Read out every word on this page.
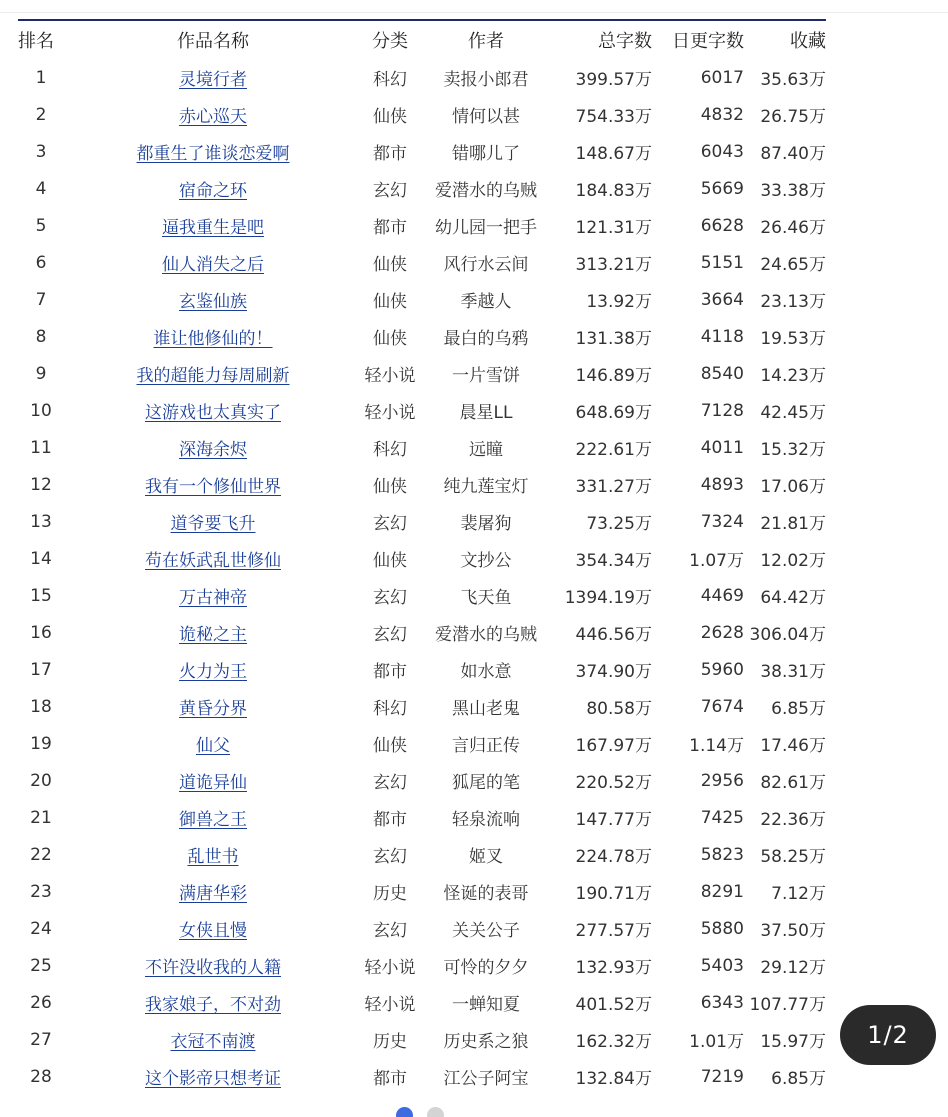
排名	作品名称	分类	作者	总字数	日更字数	收藏
1	灵境行者	科幻	卖报小郎君	399.57万	6017	35.63万
2	赤心巡天	仙侠	情何以甚	754.33万	4832	26.75万
3	都重生了谁谈恋爱啊	都市	错哪儿了	148.67万	6043	87.40万
4	宿命之环	玄幻	爱潜水的乌贼	184.83万	5669	33.38万
5	逼我重生是吧	都市	幼儿园一把手	121.31万	6628	26.46万
6	仙人消失之后	仙侠	风行水云间	313.21万	5151	24.65万
7	玄鉴仙族	仙侠	季越人	13.92万	3664	23.13万
8	谁让他修仙的！	仙侠	最白的乌鸦	131.38万	4118	19.53万
9	我的超能力每周刷新	轻小说	一片雪饼	146.89万	8540	14.23万
10	这游戏也太真实了	轻小说	晨星LL	648.69万	7128	42.45万
11	深海余烬	科幻	远瞳	222.61万	4011	15.32万
12	我有一个修仙世界	仙侠	纯九莲宝灯	331.27万	4893	17.06万
13	道爷要飞升	玄幻	裴屠狗	73.25万	7324	21.81万
14	苟在妖武乱世修仙	仙侠	文抄公	354.34万	1.07万	12.02万
15	万古神帝	玄幻	飞天鱼	1394.19万	4469	64.42万
16	诡秘之主	玄幻	爱潜水的乌贼	446.56万	2628	306.04万
17	火力为王	都市	如水意	374.90万	5960	38.31万
18	黄昏分界	科幻	黑山老鬼	80.58万	7674	6.85万
19	仙父	仙侠	言归正传	167.97万	1.14万	17.46万
20	道诡异仙	玄幻	狐尾的笔	220.52万	2956	82.61万
21	御兽之王	都市	轻泉流响	147.77万	7425	22.36万
22	乱世书	玄幻	姬叉	224.78万	5823	58.25万
23	满唐华彩	历史	怪诞的表哥	190.71万	8291	7.12万
24	女侠且慢	玄幻	关关公子	277.57万	5880	37.50万
25	不许没收我的人籍	轻小说	可怜的夕夕	132.93万	5403	29.12万
26	我家娘子，不对劲	轻小说	一蝉知夏	401.52万	6343	107.77万
27	衣冠不南渡	历史	历史系之狼	162.32万	1.01万	15.97万
28	这个影帝只想考证	都市	江公子阿宝	132.84万	7219	6.85万
1/2
